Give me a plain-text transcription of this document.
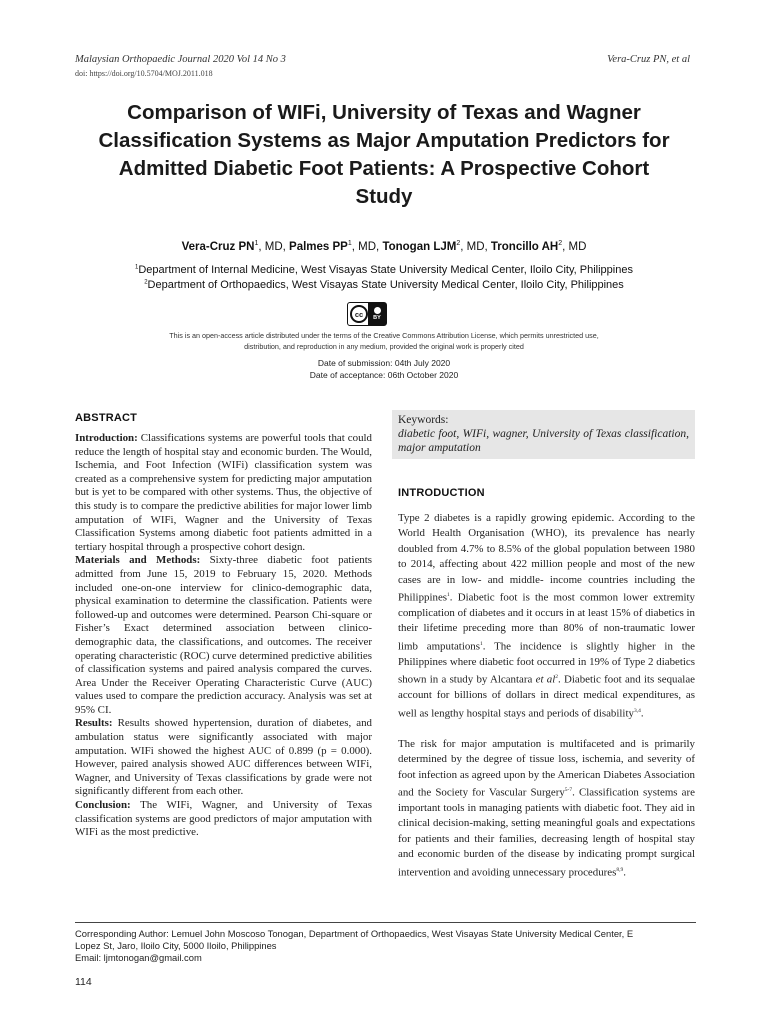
Malaysian Orthopaedic Journal 2020 Vol 14 No 3	Vera-Cruz PN, et al
doi: https://doi.org/10.5704/MOJ.2011.018
Comparison of WIFi, University of Texas and Wagner
Classification Systems as Major Amputation Predictors for
Admitted Diabetic Foot Patients: A Prospective Cohort
Study
Vera-Cruz $PN^1$, MD, Palmes $PP^1$, MD, Tonogan LJM$^2$, MD, Troncillo $AH^2$, MD
$^1$Department of Internal Medicine, West Visayas State University Medical Center, Iloilo City, Philippines
$^2$Department of Orthopaedics, West Visayas State University Medical Center, Iloilo City, Philippines
cc	BY
This is an open-access article distributed under the terms of the Creative Commons Attribution License, which permits unrestricted use,
distribution, and reproduction in any medium, provided the original work is properly cited
Date of submission: 04th July 2020
Date of acceptance: 06th October 2020
ABSTRACT

Introduction: Classifications systems are powerful tools that could reduce the length of hospital stay and economic burden. The Would, Ischemia, and Foot Infection (WIFi) classification system was created as a comprehensive system for predicting major amputation but is yet to be compared with other systems. Thus, the objective of this study is to compare the predictive abilities for major lower limb amputation of WIFi, Wagner and the University of Texas Classification Systems among diabetic foot patients admitted in a tertiary hospital through a prospective cohort design.

Materials and Methods: Sixty-three diabetic foot patients admitted from June 15, 2019 to February 15, 2020. Methods included one-on-one interview for clinico-demographic data, physical examination to determine the classification. Patients were followed-up and outcomes were determined. Pearson Chi-square or Fisher’s Exact determined association between clinico-demographic data, the classifications, and outcomes. The receiver operating characteristic (ROC) curve determined predictive abilities of classification systems and paired analysis compared the curves. Area Under the Receiver Operating Characteristic Curve (AUC) values used to compare the prediction accuracy. Analysis was set at 95% CI.

Results: Results showed hypertension, duration of diabetes, and ambulation status were significantly associated with major amputation. WIFi showed the highest AUC of 0.899 (p = 0.000). However, paired analysis showed AUC differences between WIFi, Wagner, and University of Texas classifications by grade were not significantly different from each other.

Conclusion: The WIFi, Wagner, and University of Texas classification systems are good predictors of major amputation with WIFi as the most predictive.

Keywords:
diabetic foot, WIFi, wagner, University of Texas classification, major amputation
INTRODUCTION

Type 2 diabetes is a rapidly growing epidemic. According to the World Health Organisation (WHO), its prevalence has nearly doubled from 4.7% to 8.5% of the global population between 1980 to 2014, affecting about 422 million people and most of the new cases are in low- and middle- income countries including the Philippines$^1$. Diabetic foot is the most common lower extremity complication of diabetes and it occurs in at least 15% of diabetics in their lifetime preceding more than 80% of non-traumatic lower limb amputations$^1$. The incidence is slightly higher in the Philippines where diabetic foot occurred in 19% of Type 2 diabetics shown in a study by Alcantara et $al^2$. Diabetic foot and its sequalae account for billions of dollars in direct medical expenditures, as well as lengthy hospital stays and periods of disability$^{3,4}$.

The risk for major amputation is multifaceted and is primarily determined by the degree of tissue loss, ischemia, and severity of foot infection as agreed upon by the American Diabetes Association and the Society for Vascular Surgery$^{5-7}$. Classification systems are important tools in managing patients with diabetic foot. They aid in clinical decision-making, setting meaningful goals and expectations for patients and their families, decreasing length of hospital stay and economic burden of the disease by indicating prompt surgical intervention and avoiding unnecessary procedures$^{8,9}$.

Corresponding Author: Lemuel John Moscoso Tonogan, Department of Orthopaedics, West Visayas State University Medical Center, E
Lopez St, Jaro, Iloilo City, 5000 Iloilo, Philippines
Email: ljmtonogan@gmail.com
114
